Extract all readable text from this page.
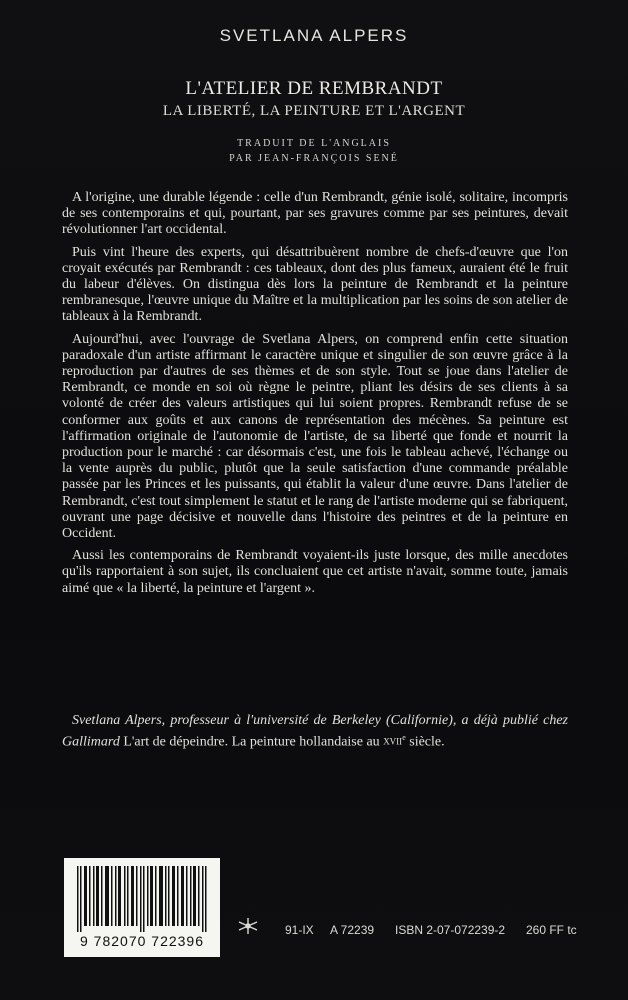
SVETLANA ALPERS
L'ATELIER DE REMBRANDT
LA LIBERTÉ, LA PEINTURE ET L'ARGENT
TRADUIT DE L'ANGLAIS
PAR JEAN-FRANÇOIS SENÉ

A l'origine, une durable légende : celle d'un Rembrandt, génie isolé, solitaire, incompris de ses contemporains et qui, pourtant, par ses gravures comme par ses peintures, devait révolutionner l'art occidental.

Puis vint l'heure des experts, qui désattribuèrent nombre de chefs-d'œuvre que l'on croyait exécutés par Rembrandt : ces tableaux, dont des plus fameux, auraient été le fruit du labeur d'élèves. On distingua dès lors la peinture de Rembrandt et la peinture rembranesque, l'œuvre unique du Maître et la multiplication par les soins de son atelier de tableaux à la Rembrandt.

Aujourd'hui, avec l'ouvrage de Svetlana Alpers, on comprend enfin cette situation paradoxale d'un artiste affirmant le caractère unique et singulier de son œuvre grâce à la reproduction par d'autres de ses thèmes et de son style. Tout se joue dans l'atelier de Rembrandt, ce monde en soi où règne le peintre, pliant les désirs de ses clients à sa volonté de créer des valeurs artistiques qui lui soient propres. Rembrandt refuse de se conformer aux goûts et aux canons de représentation des mécènes. Sa peinture est l'affirmation originale de l'autonomie de l'artiste, de sa liberté que fonde et nourrit la production pour le marché : car désormais c'est, une fois le tableau achevé, l'échange ou la vente auprès du public, plutôt que la seule satisfaction d'une commande préalable passée par les Princes et les puissants, qui établit la valeur d'une œuvre. Dans l'atelier de Rembrandt, c'est tout simplement le statut et le rang de l'artiste moderne qui se fabriquent, ouvrant une page décisive et nouvelle dans l'histoire des peintres et de la peinture en Occident.

Aussi les contemporains de Rembrandt voyaient-ils juste lorsque, des mille anecdotes qu'ils rapportaient à son sujet, ils concluaient que cet artiste n'avait, somme toute, jamais aimé que « la liberté, la peinture et l'argent ».

Svetlana Alpers, professeur à l'université de Berkeley (Californie), a déjà publié chez Gallimard L'art de dépeindre. La peinture hollandaise au XVIIe siècle.
9 782070 722396
91-IX A 72239 ISBN 2-07-072239-2 260 FF tc
